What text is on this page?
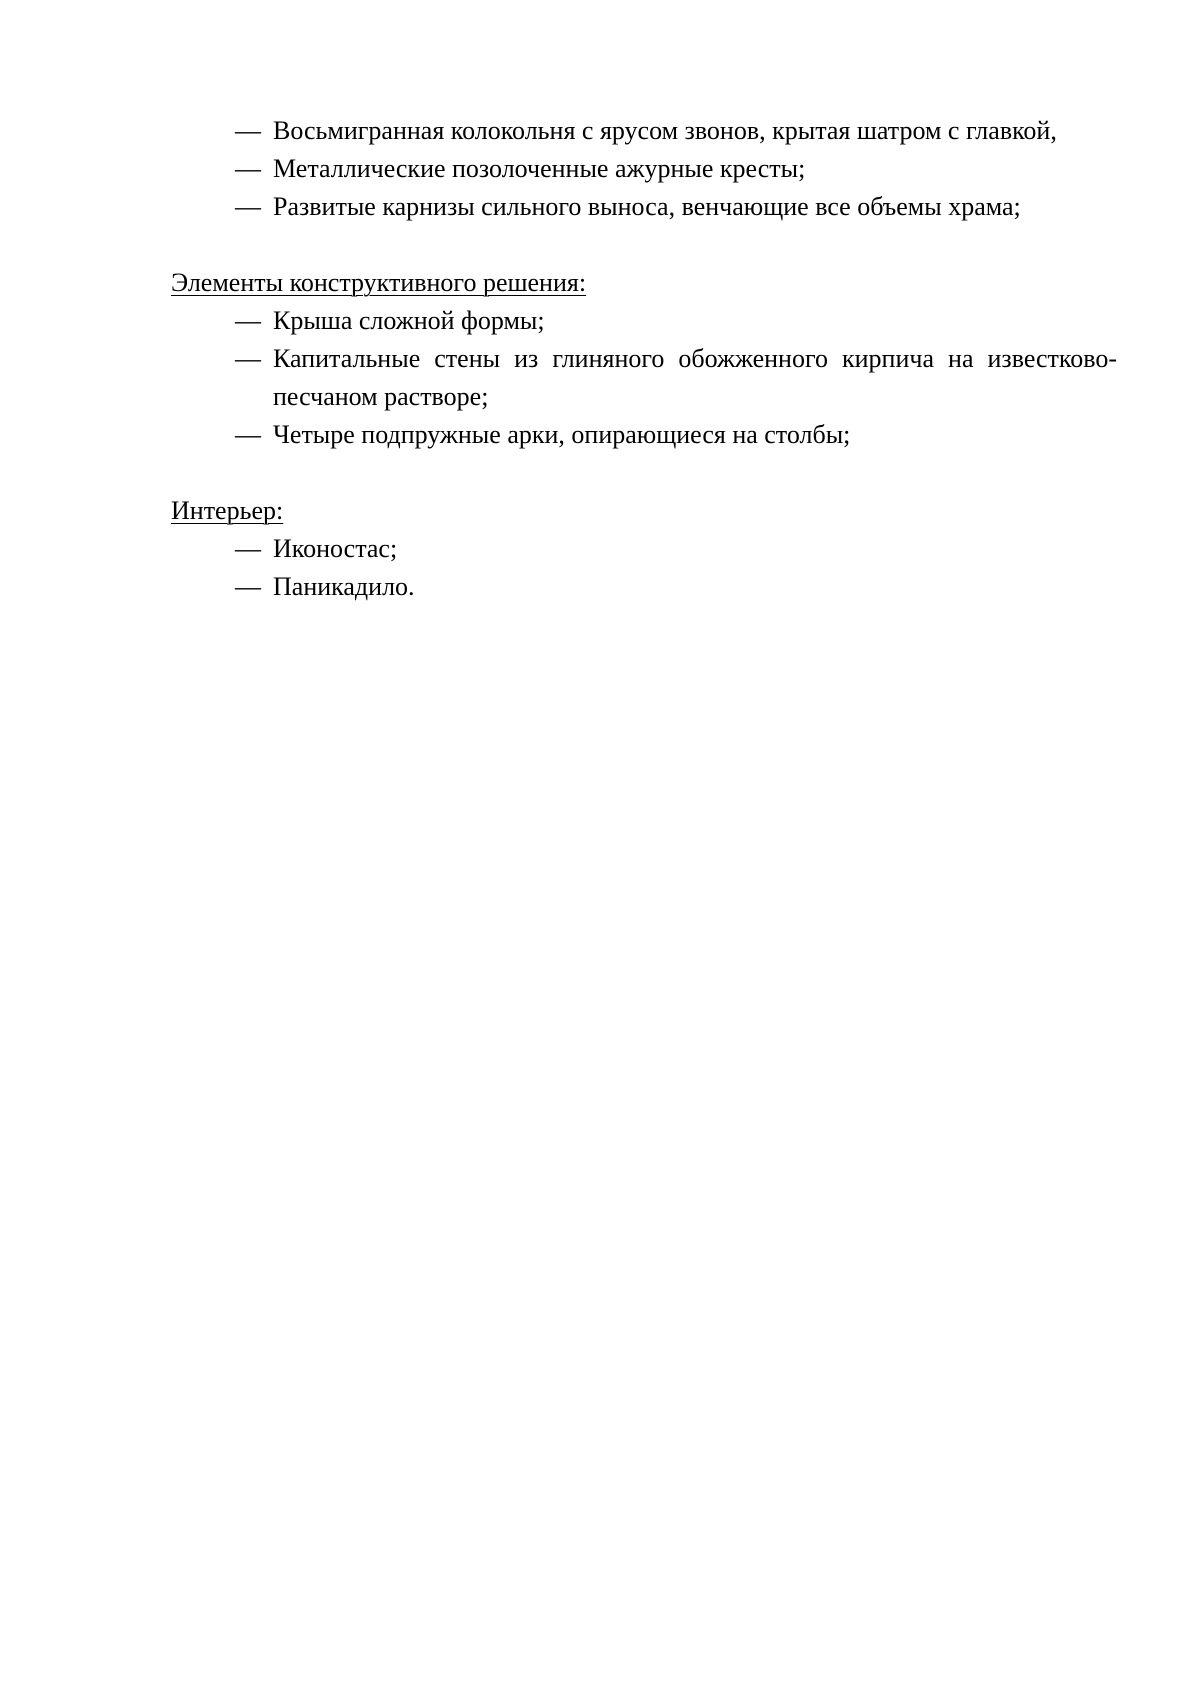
— Восьмигранная колокольня с ярусом звонов, крытая шатром с главкой,
— Металлические позолоченные ажурные кресты;
— Развитые карнизы сильного выноса, венчающие все объемы храма;
Элементы конструктивного решения:
— Крыша сложной формы;
— Капитальные стены из глиняного обожженного кирпича на известково-песчаном растворе;
— Четыре подпружные арки, опирающиеся на столбы;
Интерьер:
— Иконостас;
— Паникадило.
